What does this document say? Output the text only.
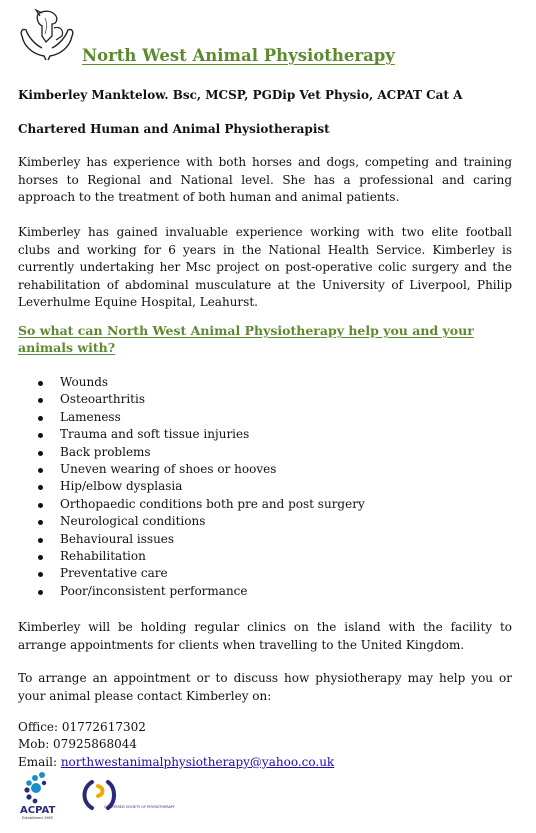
North West Animal Physiotherapy
Kimberley Manktelow. Bsc, MCSP, PGDip Vet Physio, ACPAT Cat A
Chartered Human and Animal Physiotherapist

Kimberley has experience with both horses and dogs, competing and training horses to Regional and National level. She has a professional and caring approach to the treatment of both human and animal patients.

Kimberley has gained invaluable experience working with two elite football clubs and working for 6 years in the National Health Service. Kimberley is currently undertaking her Msc project on post-operative colic surgery and the rehabilitation of abdominal musculature at the University of Liverpool, Philip Leverhulme Equine Hospital, Leahurst.

So what can North West Animal Physiotherapy help you and your animals with?

Wounds
Osteoarthritis
Lameness
Trauma and soft tissue injuries
Back problems
Uneven wearing of shoes or hooves
Hip/elbow dysplasia
Orthopaedic conditions both pre and post surgery
Neurological conditions
Behavioural issues
Rehabilitation
Preventative care
Poor/inconsistent performance

Kimberley will be holding regular clinics on the island with the facility to arrange appointments for clients when travelling to the United Kingdom.

To arrange an appointment or to discuss how physiotherapy may help you or your animal please contact Kimberley on:

Office: 01772617302
Mob: 07925868044
Email: northwestanimalphysiotherapy@yahoo.co.uk
ACPAT
Established 1985
CHARTERED SOCIETY OF PHYSIOTHERAPY
